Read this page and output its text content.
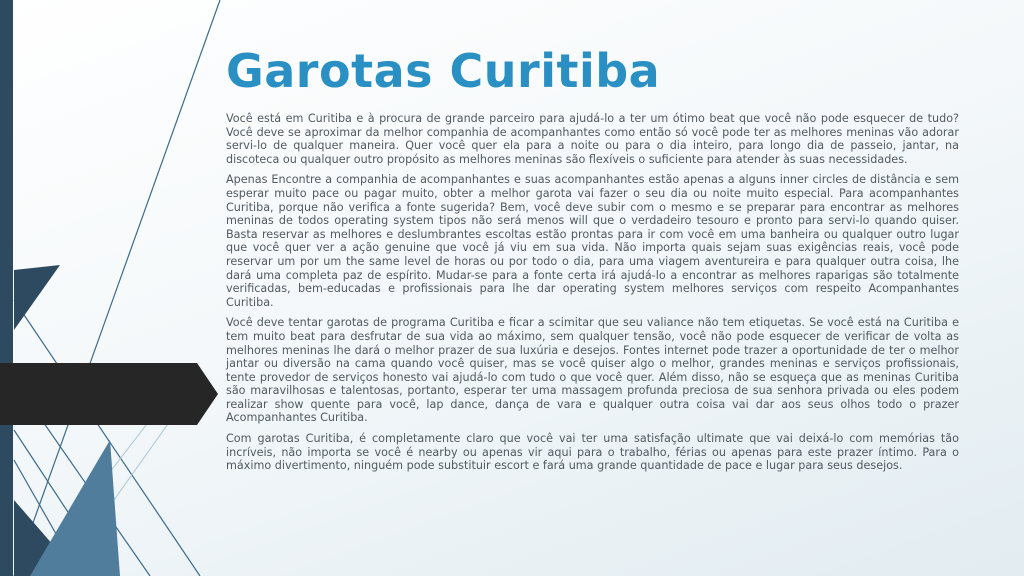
Garotas Curitiba

Você está em Curitiba e à procura de grande parceiro para ajudá-lo a ter um ótimo beat que você não pode esquecer de tudo? Você deve se aproximar da melhor companhia de acompanhantes como então só você pode ter as melhores meninas vão adorar servi-lo de qualquer maneira. Quer você quer ela para a noite ou para o dia inteiro, para longo dia de passeio, jantar, na discoteca ou qualquer outro propósito as melhores meninas são flexíveis o suficiente para atender às suas necessidades.

Apenas Encontre a companhia de acompanhantes e suas acompanhantes estão apenas a alguns inner circles de distância e sem esperar muito pace ou pagar muito, obter a melhor garota vai fazer o seu dia ou noite muito especial. Para acompanhantes Curitiba, porque não verifica a fonte sugerida? Bem, você deve subir com o mesmo e se preparar para encontrar as melhores meninas de todos operating system tipos não será menos will que o verdadeiro tesouro e pronto para servi-lo quando quiser. Basta reservar as melhores e deslumbrantes escoltas estão prontas para ir com você em uma banheira ou qualquer outro lugar que você quer ver a ação genuine que você já viu em sua vida. Não importa quais sejam suas exigências reais, você pode reservar um por um the same level de horas ou por todo o dia, para uma viagem aventureira e para qualquer outra coisa, lhe dará uma completa paz de espírito. Mudar-se para a fonte certa irá ajudá-lo a encontrar as melhores raparigas são totalmente verificadas, bem-educadas e profissionais para lhe dar operating system melhores serviços com respeito Acompanhantes Curitiba.

Você deve tentar garotas de programa Curitiba e ficar a scimitar que seu valiance não tem etiquetas. Se você está na Curitiba e tem muito beat para desfrutar de sua vida ao máximo, sem qualquer tensão, você não pode esquecer de verificar de volta as melhores meninas lhe dará o melhor prazer de sua luxúria e desejos. Fontes internet pode trazer a oportunidade de ter o melhor jantar ou diversão na cama quando você quiser, mas se você quiser algo o melhor, grandes meninas e serviços profissionais, tente provedor de serviços honesto vai ajudá-lo com tudo o que você quer. Além disso, não se esqueça que as meninas Curitiba são maravilhosas e talentosas, portanto, esperar ter uma massagem profunda preciosa de sua senhora privada ou eles podem realizar show quente para você, lap dance, dança de vara e qualquer outra coisa vai dar aos seus olhos todo o prazer Acompanhantes Curitiba.

Com garotas Curitiba, é completamente claro que você vai ter uma satisfação ultimate que vai deixá-lo com memórias tão incríveis, não importa se você é nearby ou apenas vir aqui para o trabalho, férias ou apenas para este prazer íntimo. Para o máximo divertimento, ninguém pode substituir escort e fará uma grande quantidade de pace e lugar para seus desejos.
